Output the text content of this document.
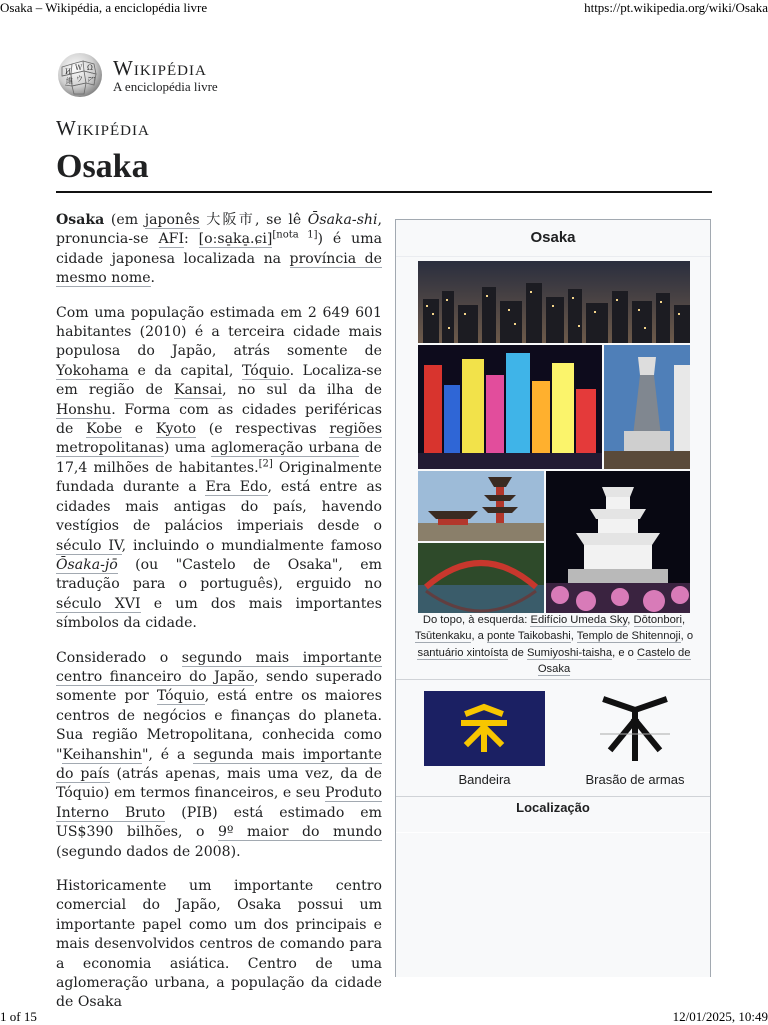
Osaka – Wikipédia, a enciclopédia livre	https://pt.wikipedia.org/wiki/Osaka
W Ω
И
ウ ויק
維
Wikipédia
A enciclopédia livre
Wikipédia
Osaka

Osaka (em japonês 大阪市, se lê Ōsaka-shi, pronuncia-se AFI: [oːsa̠ka̠.ɕi][nota 1]) é uma cidade japonesa localizada na província de mesmo nome.

Com uma população estimada em 2 649 601 habitantes (2010) é a terceira cidade mais populosa do Japão, atrás somente de Yokohama e da capital, Tóquio. Localiza-se em região de Kansai, no sul da ilha de Honshu. Forma com as cidades periféricas de Kobe e Kyoto (e respectivas regiões metropolitanas) uma aglomeração urbana de 17,4 milhões de habitantes.[2] Originalmente fundada durante a Era Edo, está entre as cidades mais antigas do país, havendo vestígios de palácios imperiais desde o século IV, incluindo o mundialmente famoso Ōsaka-jō (ou "Castelo de Osaka", em tradução para o português), erguido no século XVI e um dos mais importantes símbolos da cidade.

Considerado o segundo mais importante centro financeiro do Japão, sendo superado somente por Tóquio, está entre os maiores centros de negócios e finanças do planeta. Sua região Metropolitana, conhecida como "Keihanshin", é a segunda mais importante do país (atrás apenas, mais uma vez, da de Tóquio) em termos financeiros, e seu Produto Interno Bruto (PIB) está estimado em US$390 bilhões, o 9º maior do mundo (segundo dados de 2008).

Historicamente um importante centro comercial do Japão, Osaka possui um importante papel como um dos principais e mais desenvolvidos centros de comando para a economia asiática. Centro de uma aglomeração urbana, a população da cidade de Osaka

Osaka
Do topo, à esquerda: Edifício Umeda Sky, Dōtonbori, Tsūtenkaku, a ponte Taikobashi, Templo de Shitennoji, o santuário xintoísta de Sumiyoshi-taisha, e o Castelo de Osaka
Bandeira	Brasão de armas
Localização
1 of 15	12/01/2025, 10:49
